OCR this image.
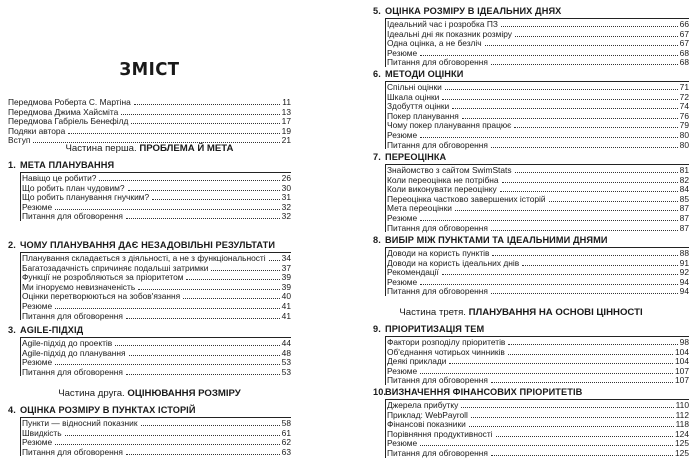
ЗМІСТ
Передмова Роберта С. Мартіна	11
Передмова Джима Хайсміта	13
Передмова Габріель Бенефілд	17
Подяки автора	19
Вступ	21
Частина перша. ПРОБЛЕМА Й МЕТА
1. МЕТА ПЛАНУВАННЯ
Навіщо це робити?	26
Що робить план чудовим?	30
Що робить планування гнучким?	31
Резюме	32
Питання для обговорення	32
2. ЧОМУ ПЛАНУВАННЯ ДАЄ НЕЗАДОВІЛЬНІ РЕЗУЛЬТАТИ
Планування складається з діяльності, а не з функціональності 34
Багатозадачність спричиняє подальші затримки	37
Функції не розробляються за пріоритетом	39
Ми ігноруємо невизначеність	39
Оцінки перетворюються на зобов'язання	40
Резюме	41
Питання для обговорення	41
3. AGILE-ПІДХІД
Agile-підхід до проектів	44
Agile-підхід до планування	48
Резюме	53
Питання для обговорення	53
Частина друга. ОЦІНЮВАННЯ РОЗМІРУ
4. ОЦІНКА РОЗМІРУ В ПУНКТАХ ІСТОРІЙ
Пункти — відносний показник	58
Швидкість	61
Резюме	62
Питання для обговорення	63
5. ОЦІНКА РОЗМІРУ В ІДЕАЛЬНИХ ДНЯХ
Ідеальний час і розробка ПЗ	66
Ідеальні дні як показник розміру	67
Одна оцінка, а не безліч	67
Резюме	68
Питання для обговорення	68
6. МЕТОДИ ОЦІНКИ
Спільні оцінки	71
Шкала оцінки	72
Здобуття оцінки	74
Покер планування	76
Чому покер планування працює	79
Резюме	80
Питання для обговорення	80
7. ПЕРЕОЦІНКА
Знайомство з сайтом SwimStats	81
Коли переоцінка не потрібна	82
Коли виконувати переоцінку	84
Переоцінка частково завершених історій	85
Мета переоцінки	87
Резюме	87
Питання для обговорення	87
8. ВИБІР МІЖ ПУНКТАМИ ТА ІДЕАЛЬНИМИ ДНЯМИ
Доводи на користь пунктів	88
Доводи на користь ідеальних днів	91
Рекомендації	92
Резюме	94
Питання для обговорення	94
Частина третя. ПЛАНУВАННЯ НА ОСНОВІ ЦІННОСТІ
9. ПРІОРИТИЗАЦІЯ ТЕМ
Фактори розподілу пріоритетів	98
Об'єднання чотирьох чинників	104
Деякі приклади	104
Резюме	107
Питання для обговорення	107
10.ВИЗНАЧЕННЯ ФІНАНСОВИХ ПРІОРИТЕТІВ
Джерела прибутку	110
Приклад: WebPayroll	112
Фінансові показники	118
Порівняння продуктивності	124
Резюме	125
Питання для обговорення	125
